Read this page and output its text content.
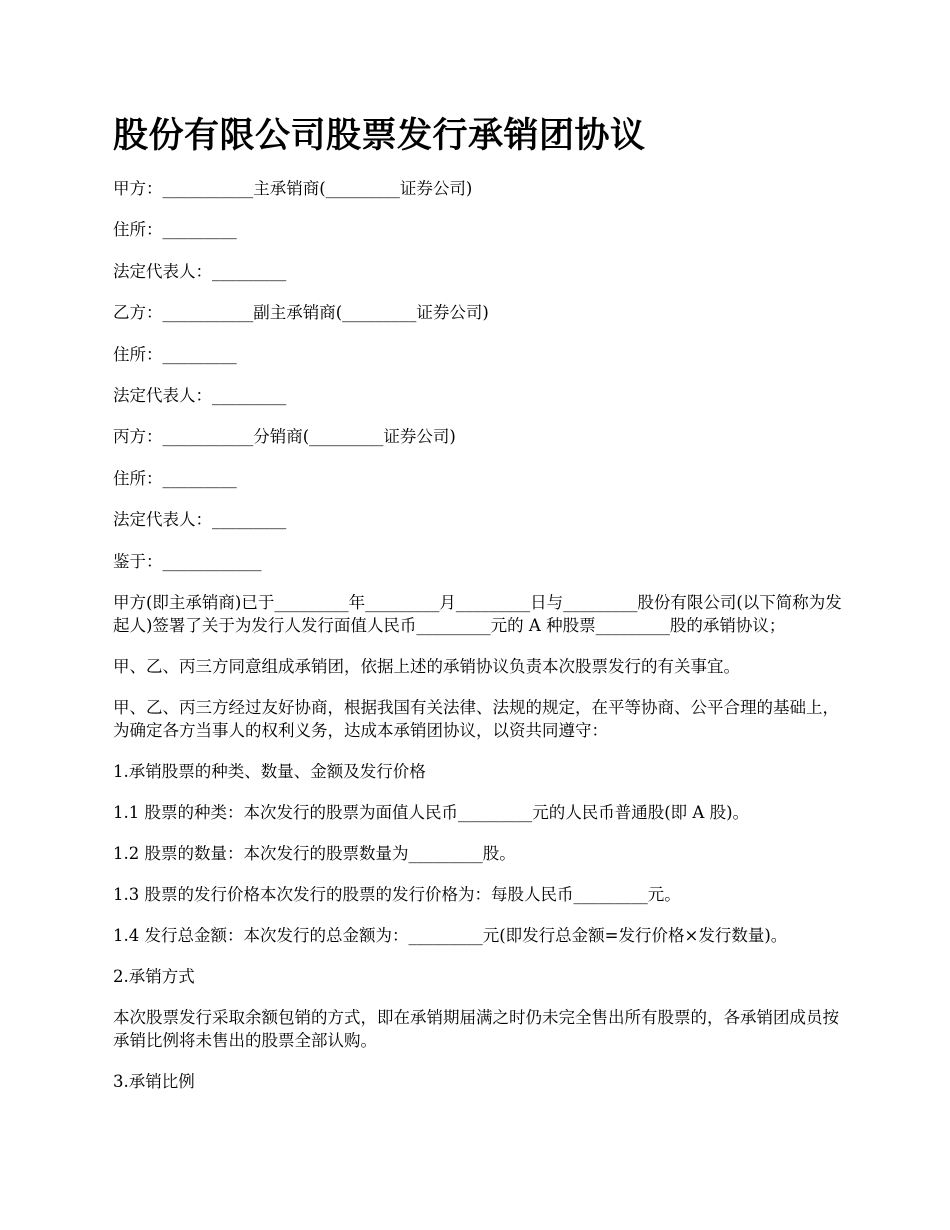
股份有限公司股票发行承销团协议
甲方：___________主承销商(_________证券公司)
住所：_________
法定代表人：_________
乙方：___________副主承销商(_________证券公司)
住所：_________
法定代表人：_________
丙方：___________分销商(_________证券公司)
住所：_________
法定代表人：_________
鉴于：____________

甲方(即主承销商)已于_________年_________月_________日与_________股份有限公司(以下简称为发起人)签署了关于为发行人发行面值人民币_________元的 A 种股票_________股的承销协议；

甲、乙、丙三方同意组成承销团，依据上述的承销协议负责本次股票发行的有关事宜。

甲、乙、丙三方经过友好协商，根据我国有关法律、法规的规定，在平等协商、公平合理的基础上，为确定各方当事人的权利义务，达成本承销团协议，以资共同遵守：

1.承销股票的种类、数量、金额及发行价格

1.1 股票的种类：本次发行的股票为面值人民币_________元的人民币普通股(即 A 股)。

1.2 股票的数量：本次发行的股票数量为_________股。

1.3 股票的发行价格本次发行的股票的发行价格为：每股人民币_________元。

1.4 发行总金额：本次发行的总金额为：_________元(即发行总金额=发行价格×发行数量)。

2.承销方式

本次股票发行采取余额包销的方式，即在承销期届满之时仍未完全售出所有股票的，各承销团成员按承销比例将未售出的股票全部认购。

3.承销比例
